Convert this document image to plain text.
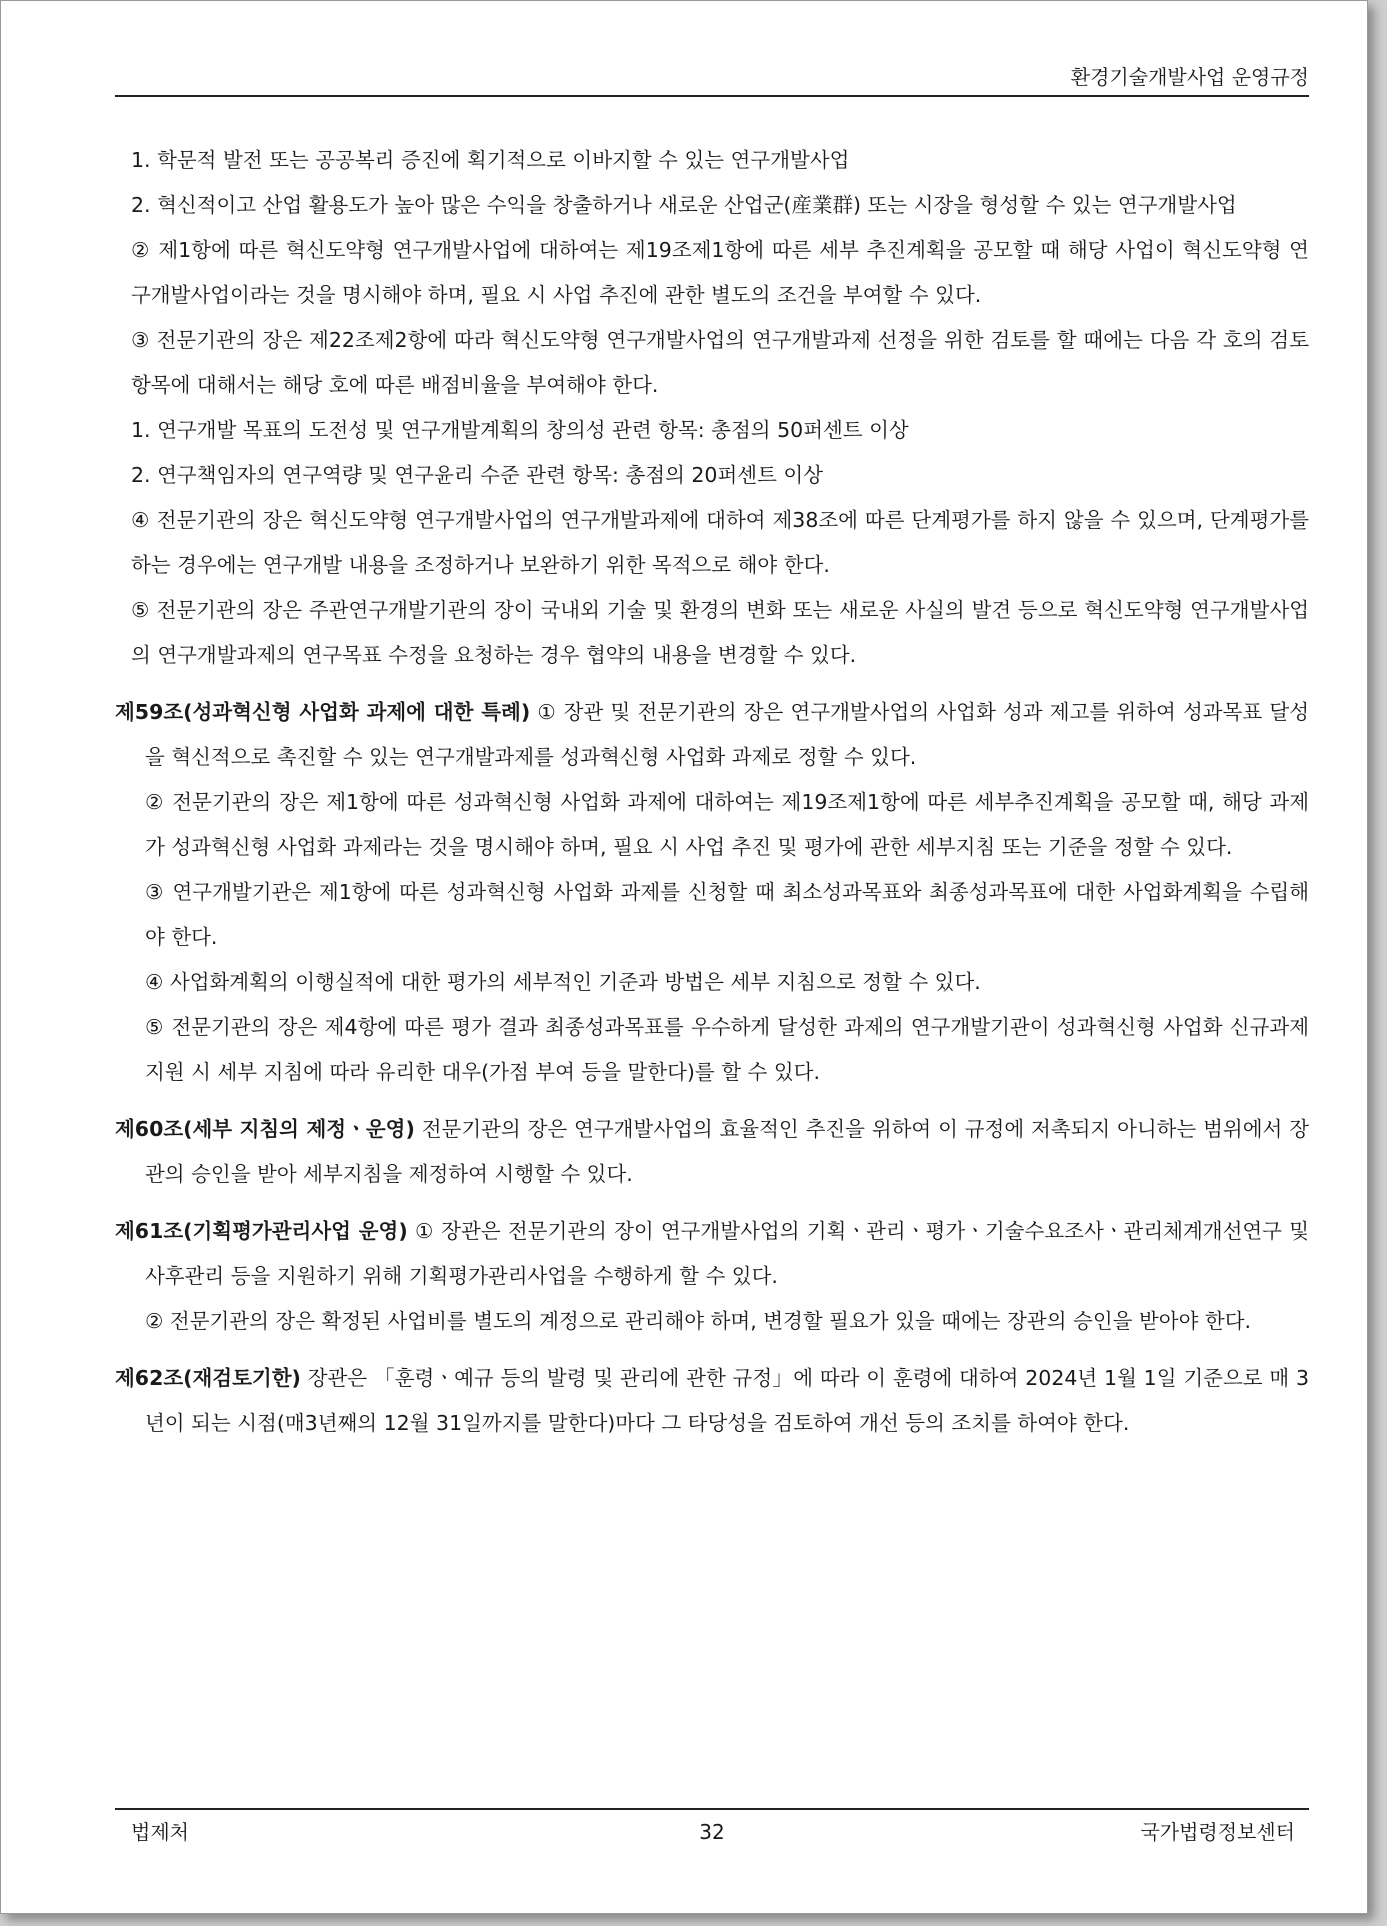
환경기술개발사업 운영규정

1. 학문적 발전 또는 공공복리 증진에 획기적으로 이바지할 수 있는 연구개발사업

2. 혁신적이고 산업 활용도가 높아 많은 수익을 창출하거나 새로운 산업군(産業群) 또는 시장을 형성할 수 있는 연구개발사업

② 제1항에 따른 혁신도약형 연구개발사업에 대하여는 제19조제1항에 따른 세부 추진계획을 공모할 때 해당 사업이 혁신도약형 연구개발사업이라는 것을 명시해야 하며, 필요 시 사업 추진에 관한 별도의 조건을 부여할 수 있다.

③ 전문기관의 장은 제22조제2항에 따라 혁신도약형 연구개발사업의 연구개발과제 선정을 위한 검토를 할 때에는 다음 각 호의 검토항목에 대해서는 해당 호에 따른 배점비율을 부여해야 한다.

1. 연구개발 목표의 도전성 및 연구개발계획의 창의성 관련 항목: 총점의 50퍼센트 이상

2. 연구책임자의 연구역량 및 연구윤리 수준 관련 항목: 총점의 20퍼센트 이상

④ 전문기관의 장은 혁신도약형 연구개발사업의 연구개발과제에 대하여 제38조에 따른 단계평가를 하지 않을 수 있으며, 단계평가를 하는 경우에는 연구개발 내용을 조정하거나 보완하기 위한 목적으로 해야 한다.

⑤ 전문기관의 장은 주관연구개발기관의 장이 국내외 기술 및 환경의 변화 또는 새로운 사실의 발견 등으로 혁신도약형 연구개발사업의 연구개발과제의 연구목표 수정을 요청하는 경우 협약의 내용을 변경할 수 있다.

제59조(성과혁신형 사업화 과제에 대한 특례) ① 장관 및 전문기관의 장은 연구개발사업의 사업화 성과 제고를 위하여 성과목표 달성을 혁신적으로 촉진할 수 있는 연구개발과제를 성과혁신형 사업화 과제로 정할 수 있다.

② 전문기관의 장은 제1항에 따른 성과혁신형 사업화 과제에 대하여는 제19조제1항에 따른 세부추진계획을 공모할 때, 해당 과제가 성과혁신형 사업화 과제라는 것을 명시해야 하며, 필요 시 사업 추진 및 평가에 관한 세부지침 또는 기준을 정할 수 있다.

③ 연구개발기관은 제1항에 따른 성과혁신형 사업화 과제를 신청할 때 최소성과목표와 최종성과목표에 대한 사업화계획을 수립해야 한다.

④ 사업화계획의 이행실적에 대한 평가의 세부적인 기준과 방법은 세부 지침으로 정할 수 있다.

⑤ 전문기관의 장은 제4항에 따른 평가 결과 최종성과목표를 우수하게 달성한 과제의 연구개발기관이 성과혁신형 사업화 신규과제 지원 시 세부 지침에 따라 유리한 대우(가점 부여 등을 말한다)를 할 수 있다.

제60조(세부 지침의 제정ㆍ운영) 전문기관의 장은 연구개발사업의 효율적인 추진을 위하여 이 규정에 저촉되지 아니하는 범위에서 장관의 승인을 받아 세부지침을 제정하여 시행할 수 있다.

제61조(기획평가관리사업 운영) ① 장관은 전문기관의 장이 연구개발사업의 기획ㆍ관리ㆍ평가ㆍ기술수요조사ㆍ관리체계개선연구 및 사후관리 등을 지원하기 위해 기획평가관리사업을 수행하게 할 수 있다.

② 전문기관의 장은 확정된 사업비를 별도의 계정으로 관리해야 하며, 변경할 필요가 있을 때에는 장관의 승인을 받아야 한다.

제62조(재검토기한) 장관은 「훈령ㆍ예규 등의 발령 및 관리에 관한 규정」에 따라 이 훈령에 대하여 2024년 1월 1일 기준으로 매 3년이 되는 시점(매3년째의 12월 31일까지를 말한다)마다 그 타당성을 검토하여 개선 등의 조치를 하여야 한다.

법제처	32	국가법령정보센터
